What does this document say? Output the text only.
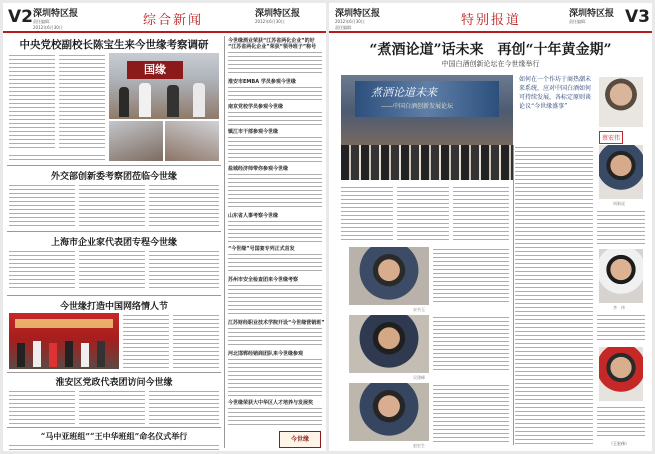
V2 深圳特区报
责任编辑：
2012年6月30日	综合新闻	深圳特区报
2012年6月30日
中央党校副校长陈宝生来今世缘考察调研
国缘
外交部创新委考察团莅临今世缘
上海市企业家代表团专程今世缘
今世缘打造中国网络情人节
淮安区党政代表团访问今世缘
“马中亚班组”“王中华班组”命名仪式举行
今世缘酒业荣获“江苏省两化企业”的好
“江苏省两化企业”荣获“领导班子”称号
淮安市EMBA 学员参观今世缘
南京党校学员参观今世缘
镇江市干部参观今世缘
盐城经济师带你参观今世缘
山东省人事考察今世缘
“今世缘”号国宴专列正式首发
苏州市安全检查团来今世缘考察
江苏财经职业技术学院开设“今世缘营销班”
河北邯郸经销商团队来今世缘参观
今世缘荣获大中华区人才培养与发展奖
今世缘
深圳特区报
2012年6月30日
责任编辑：	特别报道	深圳特区报
责任编辑： V3
“煮酒论道”话未来　再创“十年黄金期”
中国白酒创新论坛在今世缘举行
煮酒论道未来
——中国白酒创新发展论坛
如何在一个作坊于商热潮未来系统，应对中国白酒如何可持续发展，各标定原则谈论议“今世缘盛事”
蔡宏伟
宋书玉
吴建峰
赵宏生
周新虎
李　伟
（王宏伟）
